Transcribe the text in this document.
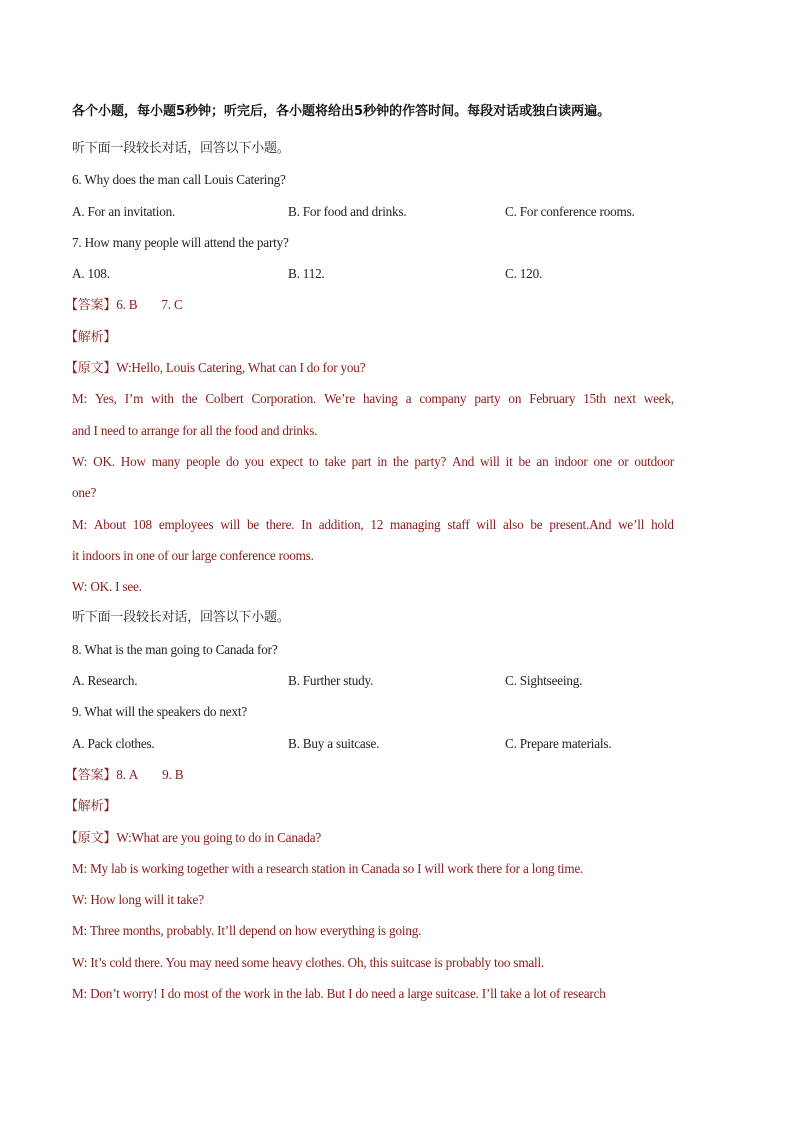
各个小题，每小题5秒钟；听完后，各小题将给出5秒钟的作答时间。每段对话或独白读两遍。
听下面一段较长对话，回答以下小题。
6. Why does the man call Louis Catering?
A. For an invitation.	B. For food and drinks.	C. For conference rooms.
7. How many people will attend the party?
A. 108.	B. 112.	C. 120.
【答案】6. B 7. C
【解析】
【原文】W:Hello, Louis Catering, What can I do for you?
M: Yes, I’m with the Colbert Corporation. We’re having a company party on February 15th next week,
and I need to arrange for all the food and drinks.
W: OK. How many people do you expect to take part in the party? And will it be an indoor one or outdoor
one?
M: About 108 employees will be there. In addition, 12 managing staff will also be present.And we’ll hold
it indoors in one of our large conference rooms.
W: OK. I see.
听下面一段较长对话，回答以下小题。
8. What is the man going to Canada for?
A. Research.	B. Further study.	C. Sightseeing.
9. What will the speakers do next?
A. Pack clothes.	B. Buy a suitcase.	C. Prepare materials.
【答案】8. A 9. B
【解析】
【原文】W:What are you going to do in Canada?
M: My lab is working together with a research station in Canada so I will work there for a long time.
W: How long will it take?
M: Three months, probably. It’ll depend on how everything is going.
W: It’s cold there. You may need some heavy clothes. Oh, this suitcase is probably too small.
M: Don’t worry! I do most of the work in the lab. But I do need a large suitcase. I’ll take a lot of research
